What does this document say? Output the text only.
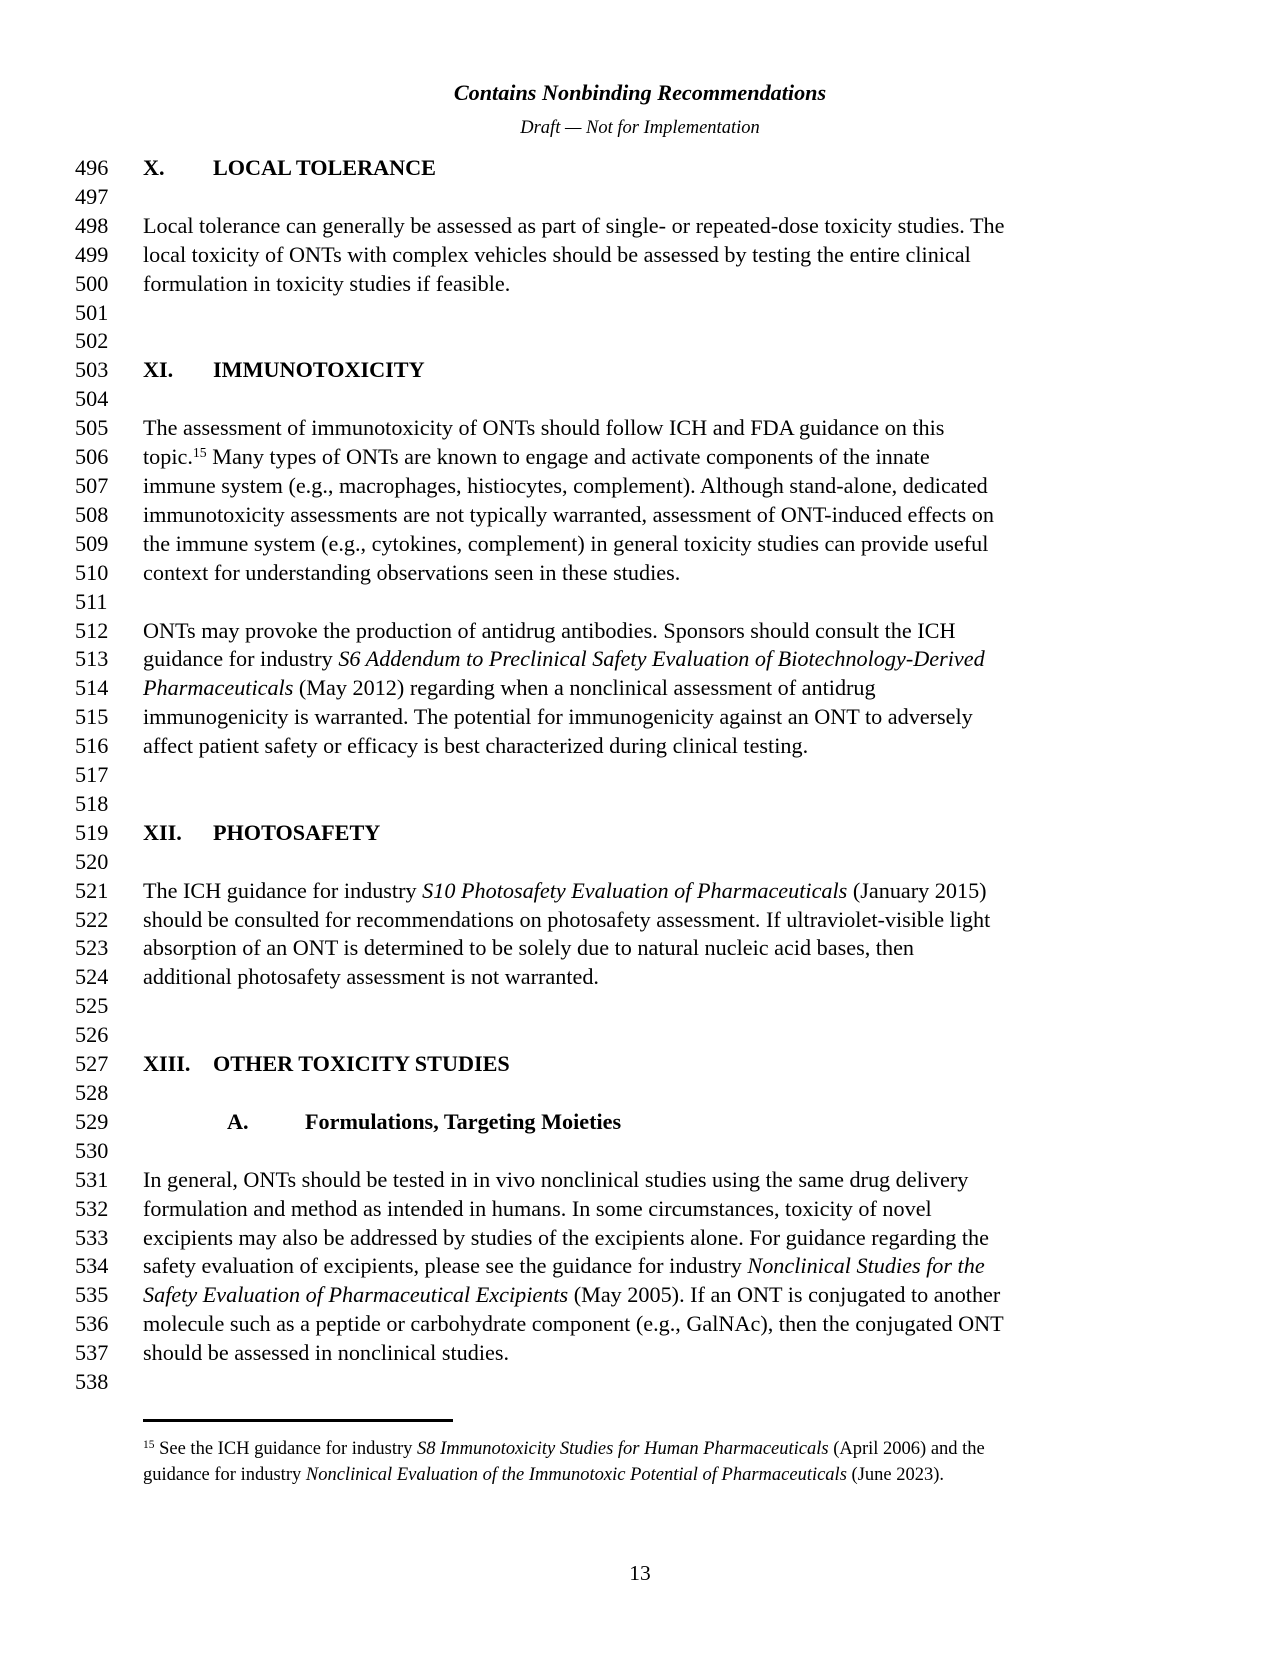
Contains Nonbinding Recommendations
Draft — Not for Implementation
496	X. LOCAL TOLERANCE
497
498	Local tolerance can generally be assessed as part of single- or repeated-dose toxicity studies. The
499	local toxicity of ONTs with complex vehicles should be assessed by testing the entire clinical
500	formulation in toxicity studies if feasible.
501
502
503	XI. IMMUNOTOXICITY
504
505	The assessment of immunotoxicity of ONTs should follow ICH and FDA guidance on this
506	topic.$^{15}$ Many types of ONTs are known to engage and activate components of the innate
507	immune system (e.g., macrophages, histiocytes, complement). Although stand-alone, dedicated
508	immunotoxicity assessments are not typically warranted, assessment of ONT-induced effects on
509	the immune system (e.g., cytokines, complement) in general toxicity studies can provide useful
510	context for understanding observations seen in these studies.
511
512	ONTs may provoke the production of antidrug antibodies. Sponsors should consult the ICH
513	guidance for industry S6 Addendum to Preclinical Safety Evaluation of Biotechnology-Derived
514	Pharmaceuticals (May 2012) regarding when a nonclinical assessment of antidrug
515	immunogenicity is warranted. The potential for immunogenicity against an ONT to adversely
516	affect patient safety or efficacy is best characterized during clinical testing.
517
518
519	XII. PHOTOSAFETY
520
521	The ICH guidance for industry S10 Photosafety Evaluation of Pharmaceuticals (January 2015)
522	should be consulted for recommendations on photosafety assessment. If ultraviolet-visible light
523	absorption of an ONT is determined to be solely due to natural nucleic acid bases, then
524	additional photosafety assessment is not warranted.
525
526
527	XIII. OTHER TOXICITY STUDIES
528
529	A.	Formulations, Targeting Moieties
530
531	In general, ONTs should be tested in in vivo nonclinical studies using the same drug delivery
532	formulation and method as intended in humans. In some circumstances, toxicity of novel
533	excipients may also be addressed by studies of the excipients alone. For guidance regarding the
534	safety evaluation of excipients, please see the guidance for industry Nonclinical Studies for the
535	Safety Evaluation of Pharmaceutical Excipients (May 2005). If an ONT is conjugated to another
536	molecule such as a peptide or carbohydrate component (e.g., GalNAc), then the conjugated ONT
537	should be assessed in nonclinical studies.
538
$^{15}$ See the ICH guidance for industry S8 Immunotoxicity Studies for Human Pharmaceuticals (April 2006) and the
guidance for industry Nonclinical Evaluation of the Immunotoxic Potential of Pharmaceuticals (June 2023).
13
